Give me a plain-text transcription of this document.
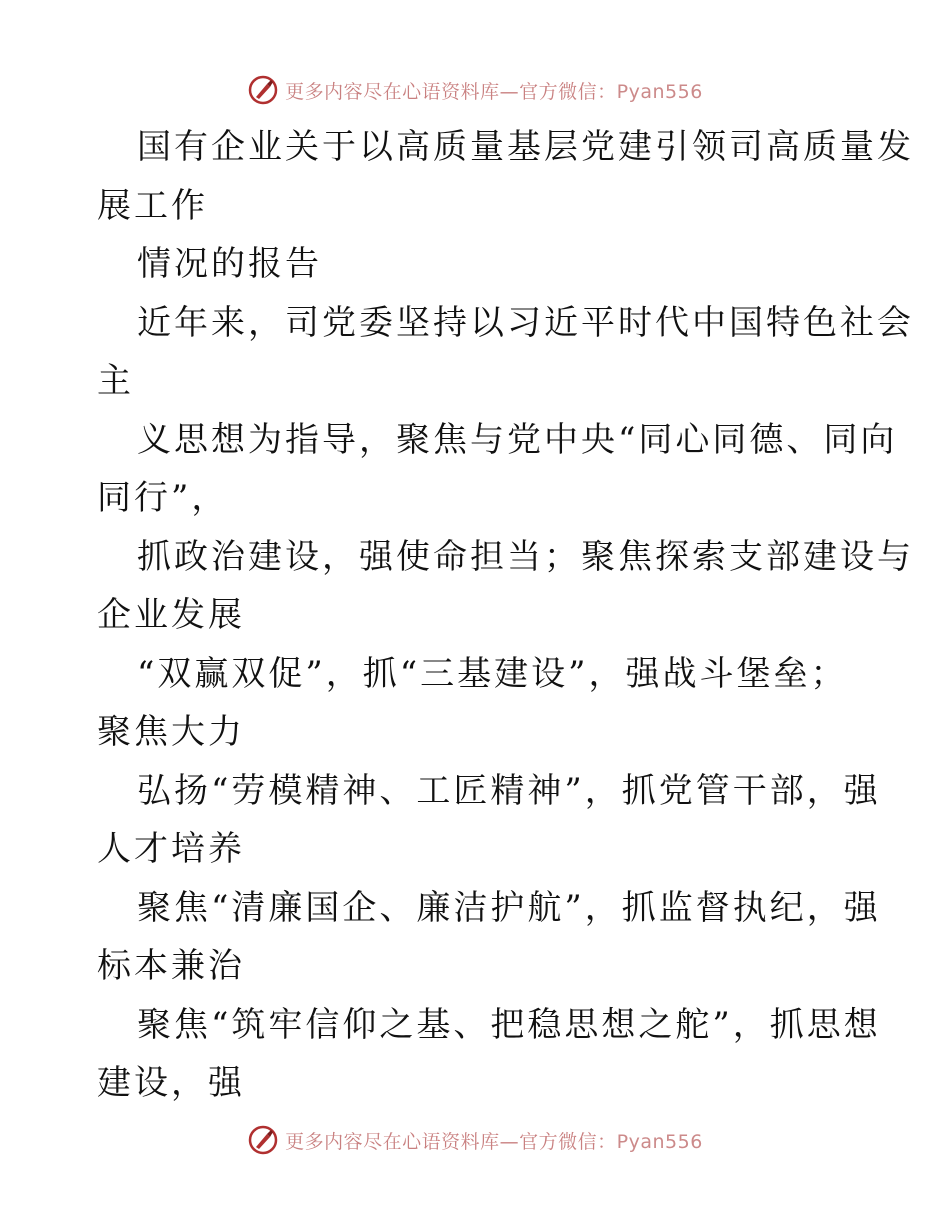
更多内容尽在心语资料库—官方微信：Pyan556
国有企业关于以高质量基层党建引领司高质量发
展工作
情况的报告
近年来，司党委坚持以习近平时代中国特色社会
主
义思想为指导，聚焦与党中央“同心同德、同向
同行”，
抓政治建设，强使命担当；聚焦探索支部建设与
企业发展
“双赢双促”，抓“三基建设”，强战斗堡垒；
聚焦大力
弘扬“劳模精神、工匠精神”，抓党管干部，强
人才培养
聚焦“清廉国企、廉洁护航”，抓监督执纪，强
标本兼治
聚焦“筑牢信仰之基、把稳思想之舵”，抓思想
建设，强
更多内容尽在心语资料库—官方微信：Pyan556
